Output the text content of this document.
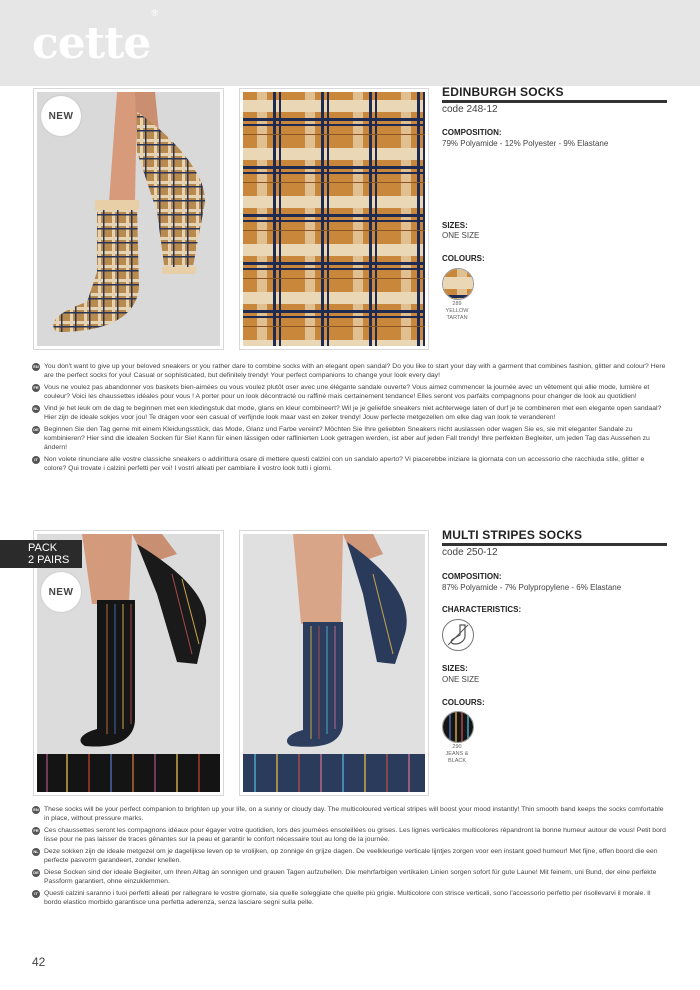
cette®
NEW
EDINBURGH SOCKS
code 248-12
COMPOSITION:
79% Polyamide - 12% Polyester - 9% Elastane
SIZES:
ONE SIZE
COLOURS:
289
YELLOW
TARTAN
EN You don't want to give up your beloved sneakers or you rather dare to combine socks with an elegant open sandal? Do you like to start your day with a garment that combines fashion, glitter and colour? Here are the perfect socks for you! Casual or sophisticated, but definitely trendy! Your perfect companions to change your look every day!
FR Vous ne voulez pas abandonner vos baskets bien-aimées ou vous voulez plutôt oser avec une élégante sandale ouverte? Vous aimez commencer la journée avec un vêtement qui allie mode, lumière et couleur? Voici les chaussettes idéales pour vous ! A porter pour un look décontracté ou raffiné mais certainement tendance! Elles seront vos parfaits compagnons pour changer de look au quotidien!
NL Vind je het leuk om de dag te beginnen met een kledingstuk dat mode, glans en kleur combineert? Wil je je geliefde sneakers niet achterwege laten of durf je te combineren met een elegante open sandaal? Hier zijn de ideale sokjes voor jou! Te dragen voor een casual of verfijnde look maar vast en zeker trendy! Jouw perfecte metgezellen om elke dag van look te veranderen!
DE Beginnen Sie den Tag gerne mit einem Kleidungsstück, das Mode, Glanz und Farbe vereint? Möchten Sie Ihre geliebten Sneakers nicht auslassen oder wagen Sie es, sie mit eleganter Sandale zu kombinieren? Hier sind die idealen Socken für Sie! Kann für einen lässigen oder raffinierten Look getragen werden, ist aber auf jeden Fall trendy! Ihre perfekten Begleiter, um jeden Tag das Aussehen zu ändern!
IT Non volete rinunciare alle vostre classiche sneakers o addirittura osare di mettere questi calzini con un sandalo aperto? Vi piacerebbe iniziare la giornata con un accessorio che racchiuda stile, glitter e colore? Qui trovate i calzini perfetti per voi! I vostri alleati per cambiare il vostro look tutti i giorni.
NEW
PACK
2 PAIRS
MULTI STRIPES SOCKS
code 250-12
COMPOSITION:
87% Polyamide - 7% Polypropylene - 6% Elastane
CHARACTERISTICS:
SIZES:
ONE SIZE
COLOURS:
290
JEANS &
BLACK
EN These socks will be your perfect companion to brighten up your life, on a sunny or cloudy day. The multicoloured vertical stripes will boost your mood instantly! Thin smooth band keeps the socks comfortable in place, without pressure marks.
FR Ces chaussettes seront les compagnons idéaux pour égayer votre quotidien, lors des journées ensoleillées ou grises. Les lignes verticales multicolores répandront la bonne humeur autour de vous! Petit bord lisse pour ne pas laisser de traces gênantes sur la peau et garantir le confort nécessaire tout au long de la journée.
NL Deze sokken zijn de ideale metgezel om je dagelijkse leven op te vrolijken, op zonnige én grijze dagen. De veelkleurige verticale lijntjes zorgen voor een instant goed humeur! Met fijne, effen boord die een perfecte pasvorm garandeert, zonder knellen.
DE Diese Socken sind der ideale Begleiter, um Ihren Alltag an sonnigen und grauen Tagen aufzuhellen. Die mehrfarbigen vertikalen Linien sorgen sofort für gute Laune! Mit feinem, uni Bund, der eine perfekte Passform garantiert, ohne einzuklemmen.
IT Questi calzini saranno i tuoi perfetti alleati per rallegrare le vostre giornate, sia quelle soleggiate che quelle più grigie. Multicolore con strisce verticali, sono l'accessorio perfetto per risollevarvi il morale. Il bordo elastico morbido garantisce una perfetta aderenza, senza lasciare segni sulla pelle.
42
